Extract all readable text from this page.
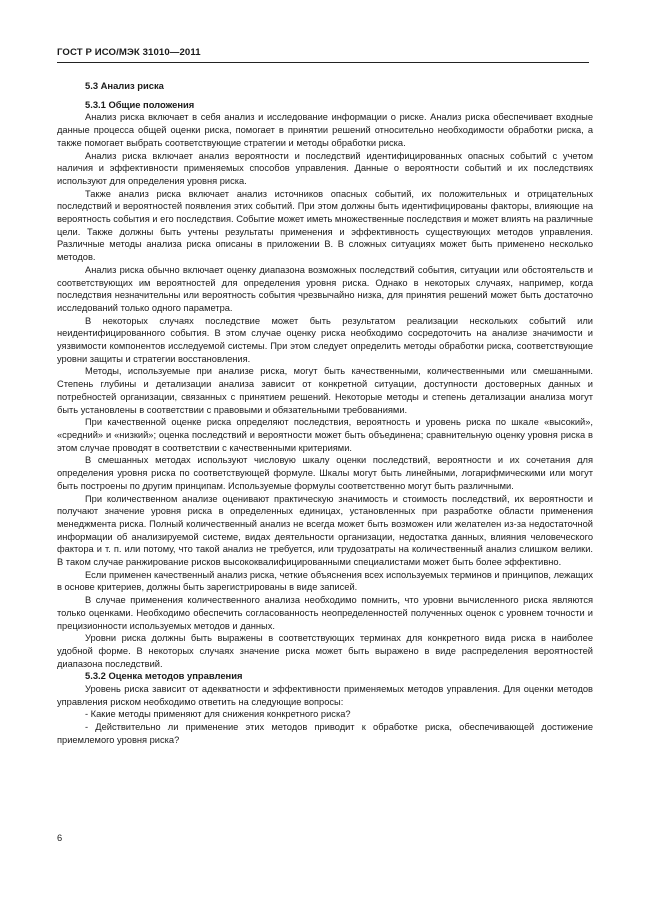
ГОСТ Р ИСО/МЭК 31010—2011
5.3 Анализ риска
5.3.1 Общие положения

Анализ риска включает в себя анализ и исследование информации о риске. Анализ риска обеспечивает входные данные процесса общей оценки риска, помогает в принятии решений относительно необходимости обработки риска, а также помогает выбрать соответствующие стратегии и методы обработки риска.

Анализ риска включает анализ вероятности и последствий идентифицированных опасных событий с учетом наличия и эффективности применяемых способов управления. Данные о вероятности событий и их последствиях используют для определения уровня риска.

Также анализ риска включает анализ источников опасных событий, их положительных и отрицательных последствий и вероятностей появления этих событий. При этом должны быть идентифицированы факторы, влияющие на вероятность события и его последствия. Событие может иметь множественные последствия и может влиять на различные цели. Также должны быть учтены результаты применения и эффективность существующих методов управления. Различные методы анализа риска описаны в приложении В. В сложных ситуациях может быть применено несколько методов.

Анализ риска обычно включает оценку диапазона возможных последствий события, ситуации или обстоятельств и соответствующих им вероятностей для определения уровня риска. Однако в некоторых случаях, например, когда последствия незначительны или вероятность события чрезвычайно низка, для принятия решений может быть достаточно исследований только одного параметра.

В некоторых случаях последствие может быть результатом реализации нескольких событий или неидентифицированного события. В этом случае оценку риска необходимо сосредоточить на анализе значимости и уязвимости компонентов исследуемой системы. При этом следует определить методы обработки риска, соответствующие уровни защиты и стратегии восстановления.

Методы, используемые при анализе риска, могут быть качественными, количественными или смешанными. Степень глубины и детализации анализа зависит от конкретной ситуации, доступности достоверных данных и потребностей организации, связанных с принятием решений. Некоторые методы и степень детализации анализа могут быть установлены в соответствии с правовыми и обязательными требованиями.

При качественной оценке риска определяют последствия, вероятность и уровень риска по шкале «высокий», «средний» и «низкий»; оценка последствий и вероятности может быть объединена; сравнительную оценку уровня риска в этом случае проводят в соответствии с качественными критериями.

В смешанных методах используют числовую шкалу оценки последствий, вероятности и их сочетания для определения уровня риска по соответствующей формуле. Шкалы могут быть линейными, логарифмическими или могут быть построены по другим принципам. Используемые формулы соответственно могут быть различными.

При количественном анализе оценивают практическую значимость и стоимость последствий, их вероятности и получают значение уровня риска в определенных единицах, установленных при разработке области применения менеджмента риска. Полный количественный анализ не всегда может быть возможен или желателен из-за недостаточной информации об анализируемой системе, видах деятельности организации, недостатка данных, влияния человеческого фактора и т. п. или потому, что такой анализ не требуется, или трудозатраты на количественный анализ слишком велики. В таком случае ранжирование рисков высококвалифицированными специалистами может быть более эффективно.

Если применен качественный анализ риска, четкие объяснения всех используемых терминов и принципов, лежащих в основе критериев, должны быть зарегистрированы в виде записей.

В случае применения количественного анализа необходимо помнить, что уровни вычисленного риска являются только оценками. Необходимо обеспечить согласованность неопределенностей полученных оценок с уровнем точности и прецизионности используемых методов и данных.

Уровни риска должны быть выражены в соответствующих терминах для конкретного вида риска в наиболее удобной форме. В некоторых случаях значение риска может быть выражено в виде распределения вероятностей диапазона последствий.

5.3.2 Оценка методов управления

Уровень риска зависит от адекватности и эффективности применяемых методов управления. Для оценки методов управления риском необходимо ответить на следующие вопросы:

- Какие методы применяют для снижения конкретного риска?
- Действительно ли применение этих методов приводит к обработке риска, обеспечивающей достижение приемлемого уровня риска?
6
